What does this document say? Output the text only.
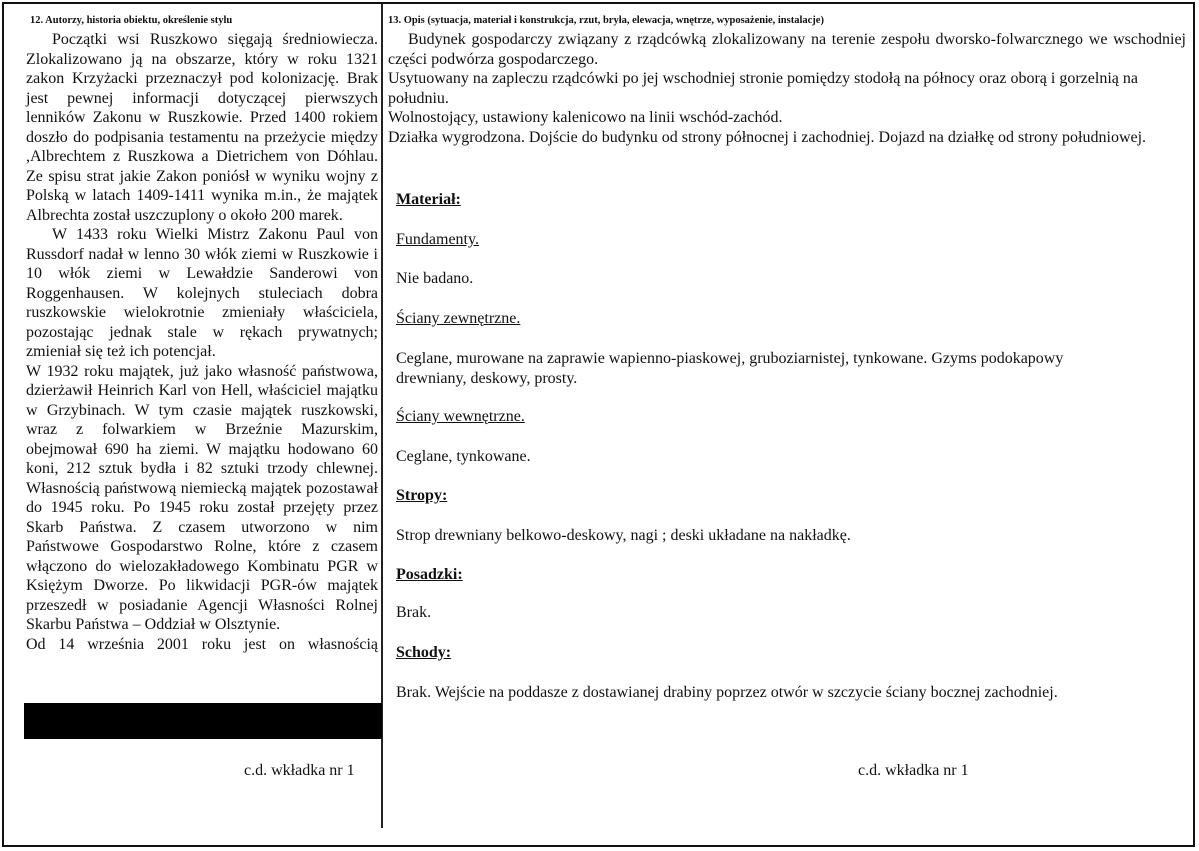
12. Autorzy, historia obiektu, określenie stylu

Początki wsi Ruszkowo sięgają średniowiecza. Zlokalizowano ją na obszarze, który w roku 1321 zakon Krzyżacki przeznaczył pod kolonizację. Brak jest pewnej informacji dotyczącej pierwszych lenników Zakonu w Ruszkowie. Przed 1400 rokiem doszło do podpisania testamentu na przeżycie między ,Albrechtem z Ruszkowa a Dietrichem von Dóhlau. Ze spisu strat jakie Zakon poniósł w wyniku wojny z Polską w latach 1409-1411 wynika m.in., że majątek Albrechta został uszczuplony o około 200 marek.

W 1433 roku Wielki Mistrz Zakonu Paul von Russdorf nadał w lenno 30 włók ziemi w Ruszkowie i 10 włók ziemi w Lewałdzie Sanderowi von Roggenhausen. W kolejnych stuleciach dobra ruszkowskie wielokrotnie zmieniały właściciela, pozostając jednak stale w rękach prywatnych; zmieniał się też ich potencjał.

W 1932 roku majątek, już jako własność państwowa, dzierżawił Heinrich Karl von Hell, właściciel majątku w Grzybinach. W tym czasie majątek ruszkowski, wraz z folwarkiem w Brzeźnie Mazurskim, obejmował 690 ha ziemi. W majątku hodowano 60 koni, 212 sztuk bydła i 82 sztuki trzody chlewnej. Własnością państwową niemiecką majątek pozostawał do 1945 roku. Po 1945 roku został przejęty przez Skarb Państwa. Z czasem utworzono w nim Państwowe Gospodarstwo Rolne, które z czasem włączono do wielozakładowego Kombinatu PGR w Księżym Dworze. Po likwidacji PGR-ów majątek przeszedł w posiadanie Agencji Własności Rolnej Skarbu Państwa – Oddział w Olsztynie.

Od 14 września 2001 roku jest on własnością

c.d. wkładka nr 1

13. Opis (sytuacja, materiał i konstrukcja, rzut, bryła, elewacja, wnętrze, wyposażenie, instalacje)

Budynek gospodarczy związany z rządcówką zlokalizowany na terenie zespołu dworsko-folwarcznego we wschodniej części podwórza gospodarczego.

Usytuowany na zapleczu rządcówki po jej wschodniej stronie pomiędzy stodołą na północy oraz oborą i gorzelnią na południu.

Wolnostojący, ustawiony kalenicowo na linii wschód-zachód.

Działka wygrodzona. Dojście do budynku od strony północnej i zachodniej. Dojazd na działkę od strony południowej.

Materiał:

Fundamenty.

Nie badano.

Ściany zewnętrzne.

Ceglane, murowane na zaprawie wapienno-piaskowej, gruboziarnistej, tynkowane. Gzyms podokapowy drewniany, deskowy, prosty.

Ściany wewnętrzne.

Ceglane, tynkowane.

Stropy:

Strop drewniany belkowo-deskowy, nagi ; deski układane na nakładkę.

Posadzki:

Brak.

Schody:

Brak. Wejście na poddasze z dostawianej drabiny poprzez otwór w szczycie ściany bocznej zachodniej.

c.d. wkładka nr 1
